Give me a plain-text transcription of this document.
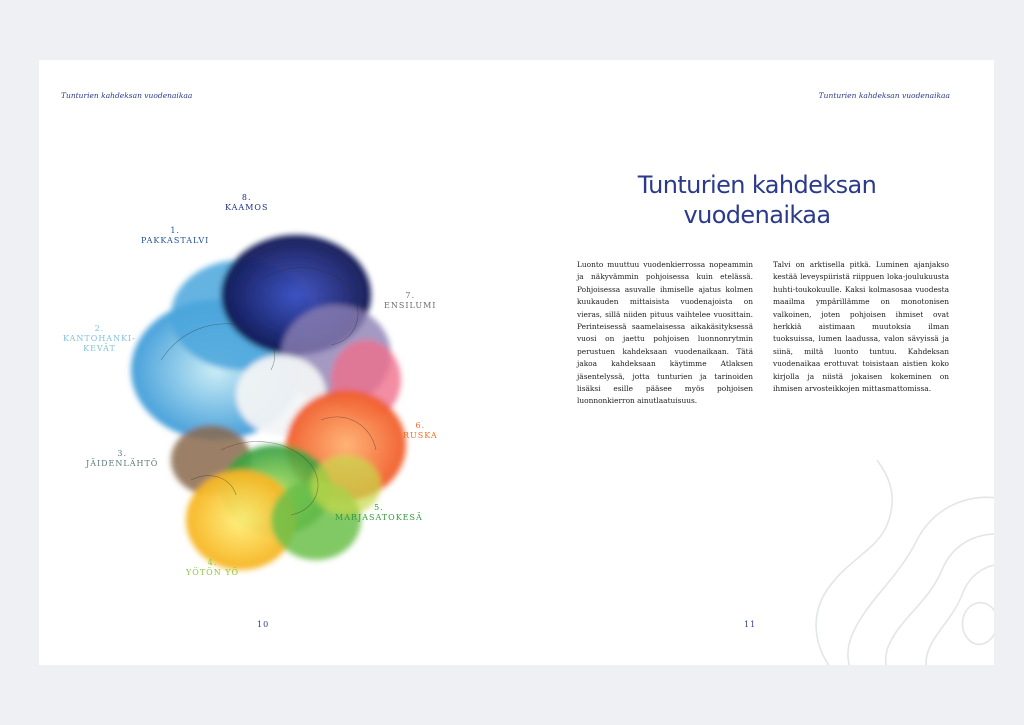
Tunturien kahdeksan vuodenaikaa
8.
KAAMOS
1.
PAKKASTALVI
7.
ENSILUMI
2.
KANTOHANKI-
KEVÄT
6.
RUSKA
3.
JÄIDENLÄHTÖ
5.
MARJASATOKESÄ
4.
YÖTÖN YÖ
10
Tunturien kahdeksan vuodenaikaa
Tunturien kahdeksan
vuodenaikaa
Luonto muuttuu vuodenkierrossa nopeammin ja näkyvämmin pohjoisessa kuin etelässä. Pohjoisessa asuvalle ihmiselle ajatus kolmen kuukauden mittaisista vuodenajoista on vieras, sillä niiden pituus vaihtelee vuosittain. Perinteisessä saamelaisessa aikakäsityksessä vuosi on jaettu pohjoisen luonnonrytmin perustuen kahdeksaan vuodenaikaan. Tätä jakoa kahdeksaan käytimme Atlaksen jäsentelyssä, jotta tunturien ja tarinoiden lisäksi esille pääsee myös pohjoisen luonnonkierron ainutlaatuisuus.
Talvi on arktisella pitkä. Luminen ajanjakso kestää leveyspiiristä riippuen loka-joulukuusta huhti-toukokuulle. Kaksi kolmasosaa vuodesta maailma ympärillämme on monotonisen valkoinen, joten pohjoisen ihmiset ovat herkkiä aistimaan muutoksia ilman tuoksuissa, lumen laadussa, valon sävyissä ja siinä, miltä luonto tuntuu. Kahdeksan vuodenaikaa erottuvat toisistaan aistien koko kirjolla ja niistä jokaisen kokeminen on ihmisen arvosteikkojen mittasmattomissa.
11
